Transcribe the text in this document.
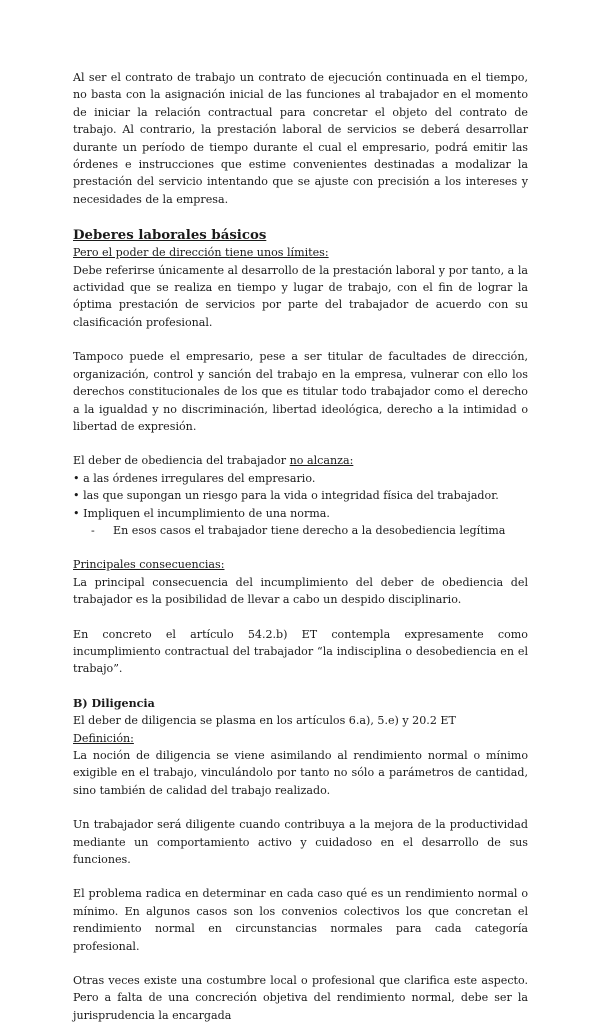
Al ser el contrato de trabajo un contrato de ejecución continuada en el tiempo, no basta con la asignación inicial de las funciones al trabajador en el momento de iniciar la relación contractual para concretar el objeto del contrato de trabajo. Al contrario, la prestación laboral de servicios se deberá desarrollar durante un período de tiempo durante el cual el empresario, podrá emitir las órdenes e instrucciones que estime convenientes destinadas a modalizar la prestación del servicio intentando que se ajuste con precisión a los intereses y necesidades de la empresa.

Deberes laborales básicos

Pero el poder de dirección tiene unos límites:

Debe referirse únicamente al desarrollo de la prestación laboral y por tanto, a la actividad que se realiza en tiempo y lugar de trabajo, con el fin de lograr la óptima prestación de servicios por parte del trabajador de acuerdo con su clasificación profesional.

Tampoco puede el empresario, pese a ser titular de facultades de dirección, organización, control y sanción del trabajo en la empresa, vulnerar con ello los derechos constitucionales de los que es titular todo trabajador como el derecho a la igualdad y no discriminación, libertad ideológica, derecho a la intimidad o libertad de expresión.

El deber de obediencia del trabajador no alcanza:

• a las órdenes irregulares del empresario.
• las que supongan un riesgo para la vida o integridad física del trabajador.
• Impliquen el incumplimiento de una norma.

- En esos casos el trabajador tiene derecho a la desobediencia legítima

Principales consecuencias:

La principal consecuencia del incumplimiento del deber de obediencia del trabajador es la posibilidad de llevar a cabo un despido disciplinario.

En concreto el artículo 54.2.b) ET contempla expresamente como incumplimiento contractual del trabajador “la indisciplina o desobediencia en el trabajo”.

B) Diligencia

El deber de diligencia se plasma en los artículos 6.a), 5.e) y 20.2 ET

Definición:

La noción de diligencia se viene asimilando al rendimiento normal o mínimo exigible en el trabajo, vinculándolo por tanto no sólo a parámetros de cantidad, sino también de calidad del trabajo realizado.

Un trabajador será diligente cuando contribuya a la mejora de la productividad mediante un comportamiento activo y cuidadoso en el desarrollo de sus funciones.

El problema radica en determinar en cada caso qué es un rendimiento normal o mínimo. En algunos casos son los convenios colectivos los que concretan el rendimiento normal en circunstancias normales para cada categoría profesional.

Otras veces existe una costumbre local o profesional que clarifica este aspecto. Pero a falta de una concreción objetiva del rendimiento normal, debe ser la jurisprudencia la encargada
